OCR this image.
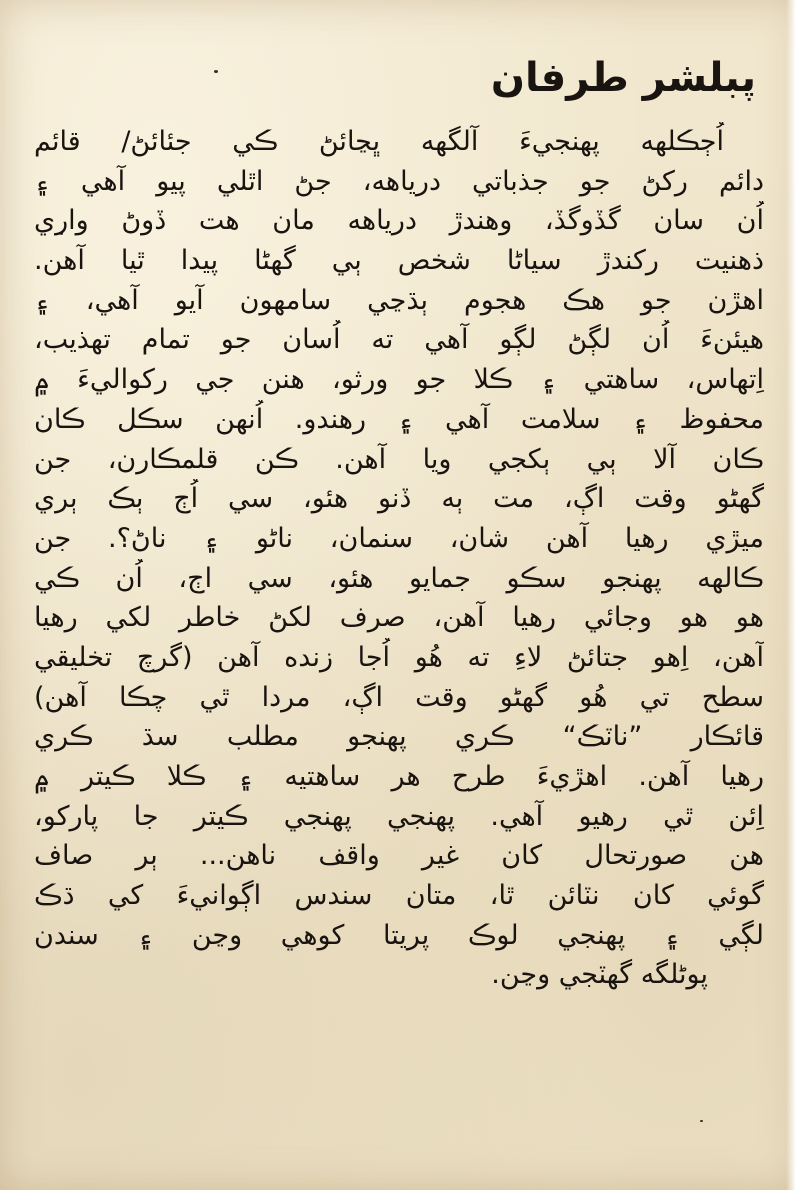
پبلشر طرفان
اُڄڪلهه پهنجيءَ آلگهه ڀڃائڻ ڪي جئائڻ/ قائم
دائم رکڻ جو جذباتي درياهه، جڻ اٿلي پيو آهي ۽
اُن سان گڏوگڏ، وهندڙ درياهه مان هت ڏوڻ واري
ذهنيت رکندڙ سياڻا شخص ٻي گهڻا پيدا ٿيا آهن.
اهڙن جو هڪ هجوم ٻڌڃي سامهون آيو آهي، ۽
هيئنءَ اُن لڳڻ لڳو آهي ته اُسان جو تمام تهذيب،
اِتهاس، ساهتي ۽ ڪلا جو ورثو، هنن جي رکواليءَ ۾
محفوظ ۽ سلامت آهي ۽ رهندو. اُنهن سڪل ڪان
ڪان آلا ٻي ٻکجي ويا آهن. ڪن قلمڪارن، جن
گهڻو وقت اڳ، مت ٻه ڏنو هئو، سي اُڄ ٻڪ ٻري
ميڙي رهيا آهن شان، سنمان، ناڻو ۽ ناڻ؟. جن
ڪالهه پهنجو سڪو جمايو هئو، سي اڄ، اُن ڪي
هو هو وجائي رهيا آهن، صرف لکڻ خاطر لکي رهيا
آهن، اِهو جتائڻ لاءِ ته هُو اُجا زنده آهن (گرچ تخليقي
سطح تي هُو گهڻو وقت اڳ، مردا ٿي چڪا آهن)
قائڪار ”ناٽڪ“ ڪري پهنجو مطلب سڌ ڪري
رهيا آهن. اهڙيءَ طرح هر ساهتيه ۽ ڪلا ڪيتر ۾
اِئن ٿي رهيو آهي. پهنجي پهنجي ڪيتر جا پارکو،
هن صورتحال کان غير واقف ناهن... ٻر صاف
گوئي کان نٽائن ٿا، متان سندس اڳوانيءَ کي ڌڪ
لڳي ۽ پهنجي لوڪ پريتا کوهي وڃن ۽ سندن
پوڻلگه گهٽجي وڃن.
